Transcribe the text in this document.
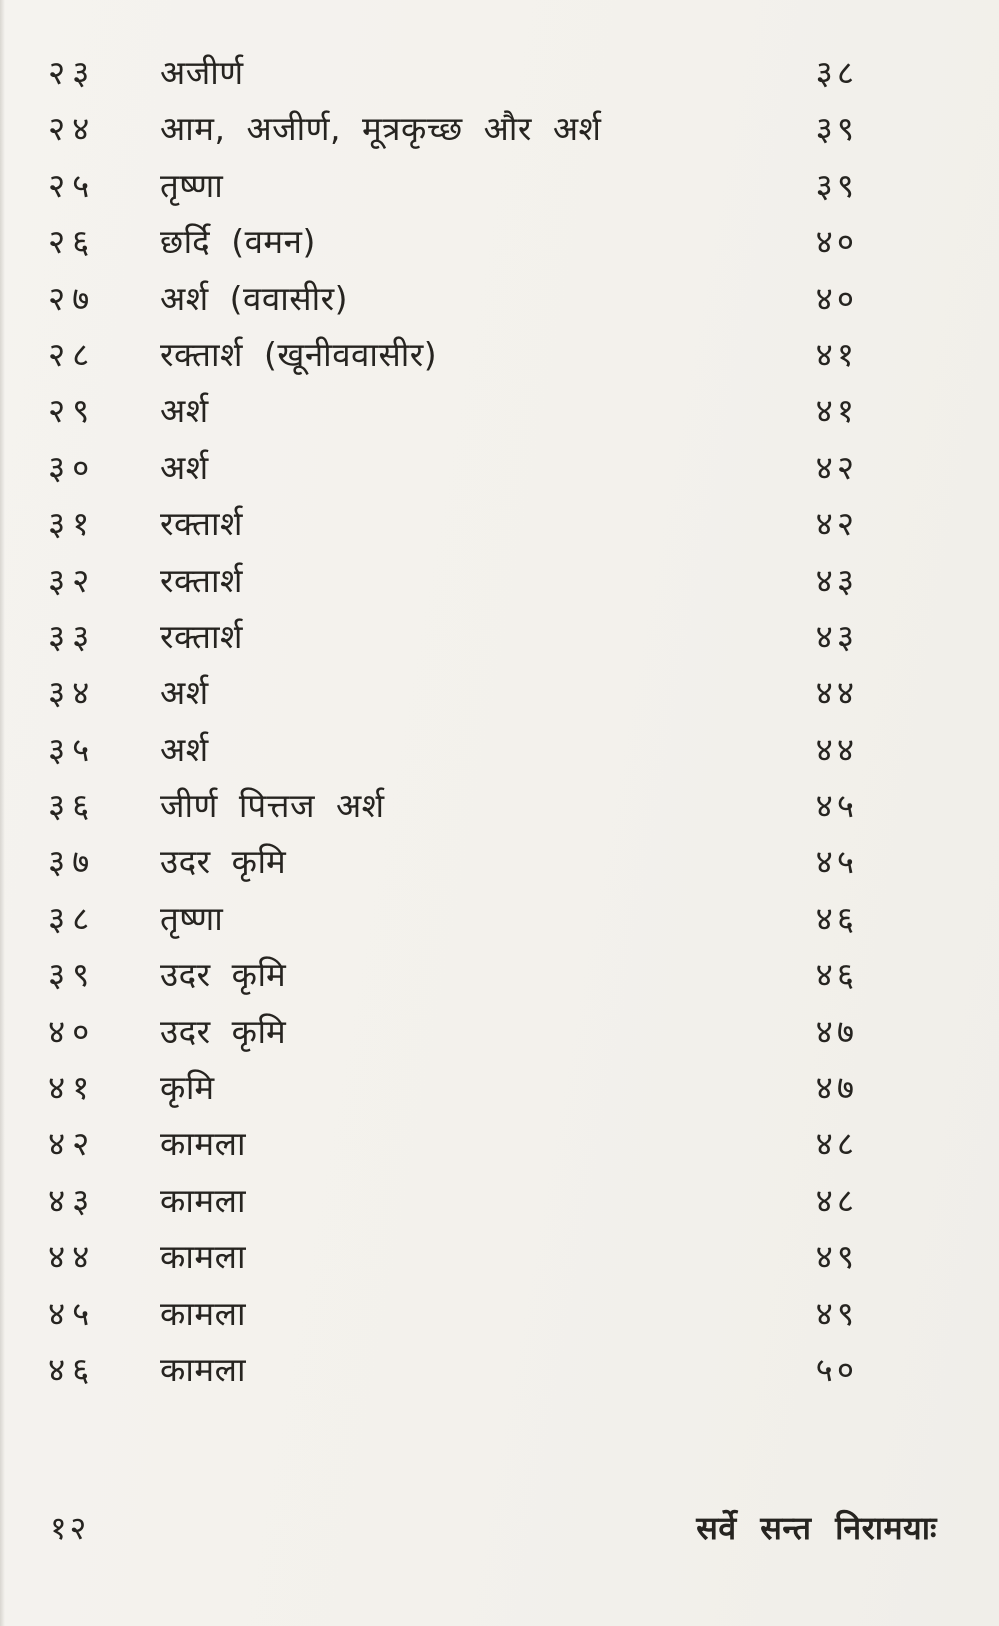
२३	अजीर्ण	३८
२४	आम, अजीर्ण, मूत्रकृच्छ और अर्श	३९
२५	तृष्णा	३९
२६	छर्दि (वमन)	४०
२७	अर्श (ववासीर)	४०
२८	रक्तार्श (खूनीववासीर)	४१
२९	अर्श	४१
३०	अर्श	४२
३१	रक्तार्श	४२
३२	रक्तार्श	४३
३३	रक्तार्श	४३
३४	अर्श	४४
३५	अर्श	४४
३६	जीर्ण पित्तज अर्श	४५
३७	उदर कृमि	४५
३८	तृष्णा	४६
३९	उदर कृमि	४६
४०	उदर कृमि	४७
४१	कृमि	४७
४२	कामला	४८
४३	कामला	४८
४४	कामला	४९
४५	कामला	४९
४६	कामला	५०
१२	सर्वे सन्त निरामयाः
